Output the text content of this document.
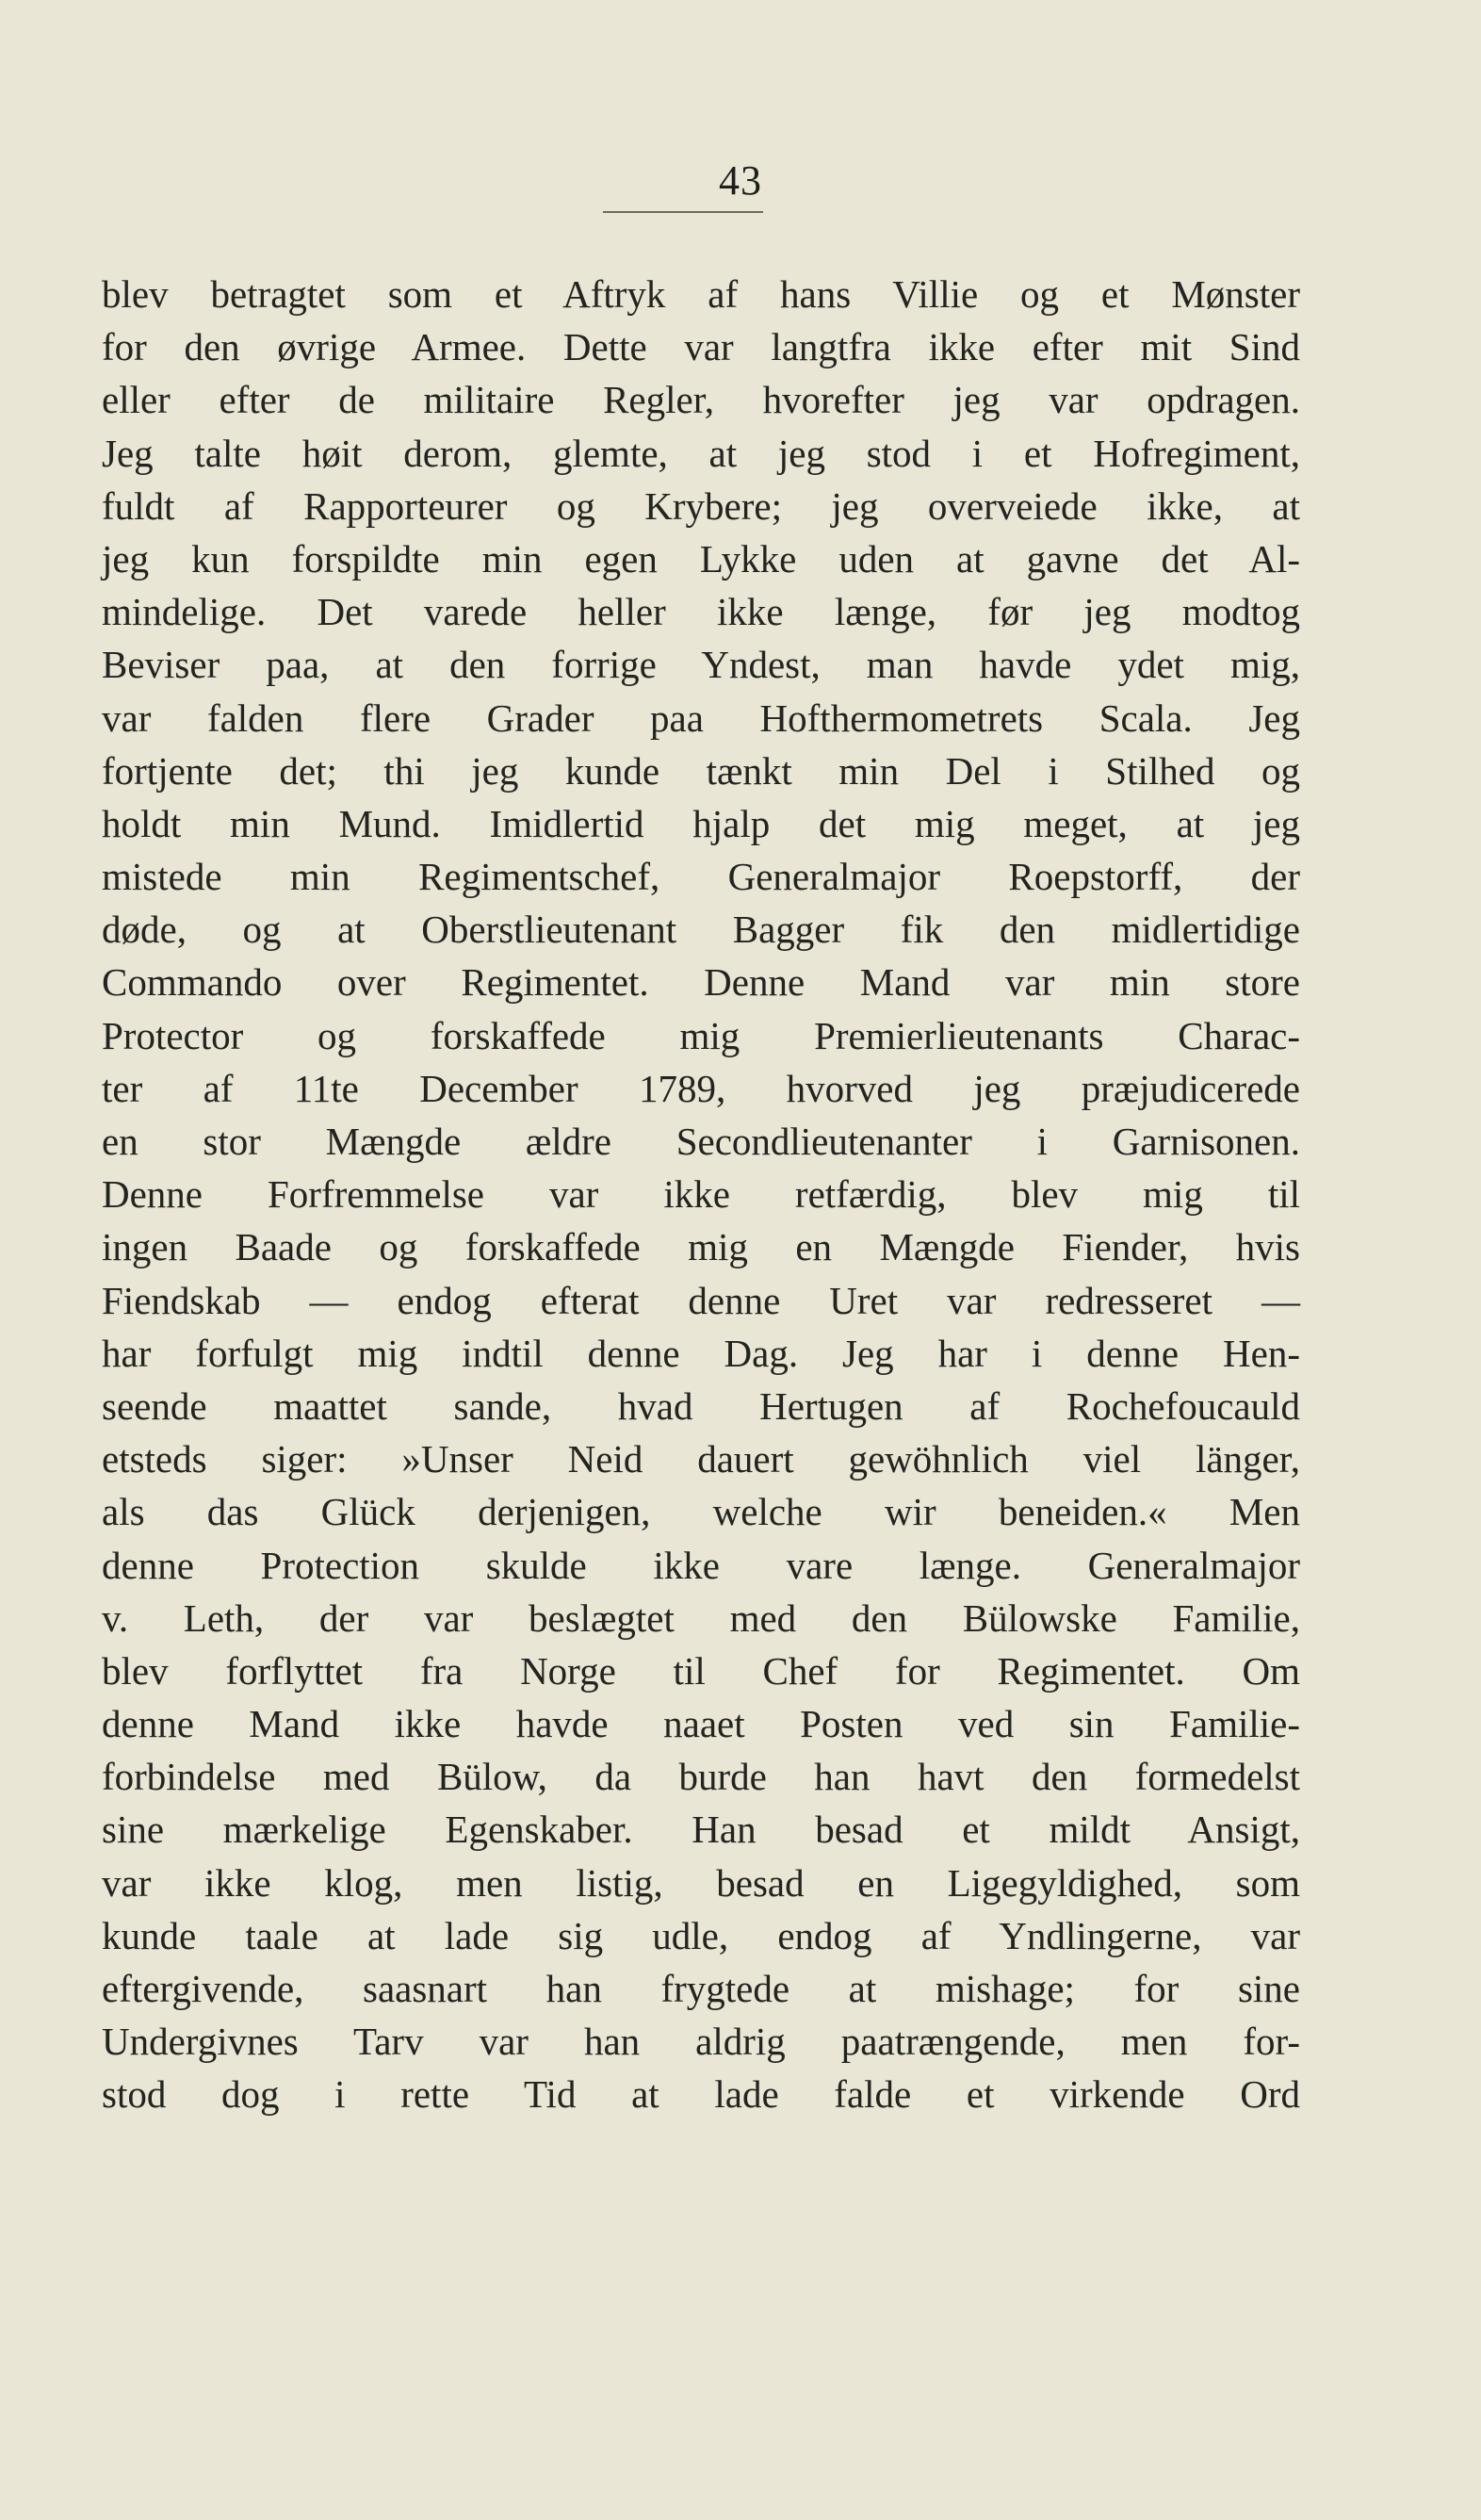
43
blev betragtet som et Aftryk af hans Villie og et Mønster
for den øvrige Armee. Dette var langtfra ikke efter mit Sind
eller efter de militaire Regler, hvorefter jeg var opdragen.
Jeg talte høit derom, glemte, at jeg stod i et Hofregiment,
fuldt af Rapporteurer og Krybere; jeg overveiede ikke, at
jeg kun forspildte min egen Lykke uden at gavne det Al-
mindelige. Det varede heller ikke længe, før jeg modtog
Beviser paa, at den forrige Yndest, man havde ydet mig,
var falden flere Grader paa Hofthermometrets Scala. Jeg
fortjente det; thi jeg kunde tænkt min Del i Stilhed og
holdt min Mund. Imidlertid hjalp det mig meget, at jeg
mistede min Regimentschef, Generalmajor Roepstorff, der
døde, og at Oberstlieutenant Bagger fik den midlertidige
Commando over Regimentet. Denne Mand var min store
Protector og forskaffede mig Premierlieutenants Charac-
ter af 11te December 1789, hvorved jeg præjudicerede
en stor Mængde ældre Secondlieutenanter i Garnisonen.
Denne Forfremmelse var ikke retfærdig, blev mig til
ingen Baade og forskaffede mig en Mængde Fiender, hvis
Fiendskab — endog efterat denne Uret var redresseret —
har forfulgt mig indtil denne Dag. Jeg har i denne Hen-
seende maattet sande, hvad Hertugen af Rochefoucauld
etsteds siger: »Unser Neid dauert gewöhnlich viel länger,
als das Glück derjenigen, welche wir beneiden.« Men
denne Protection skulde ikke vare længe. Generalmajor
v. Leth, der var beslægtet med den Bülowske Familie,
blev forflyttet fra Norge til Chef for Regimentet. Om
denne Mand ikke havde naaet Posten ved sin Familie-
forbindelse med Bülow, da burde han havt den formedelst
sine mærkelige Egenskaber. Han besad et mildt Ansigt,
var ikke klog, men listig, besad en Ligegyldighed, som
kunde taale at lade sig udle, endog af Yndlingerne, var
eftergivende, saasnart han frygtede at mishage; for sine
Undergivnes Tarv var han aldrig paatrængende, men for-
stod dog i rette Tid at lade falde et virkende Ord
